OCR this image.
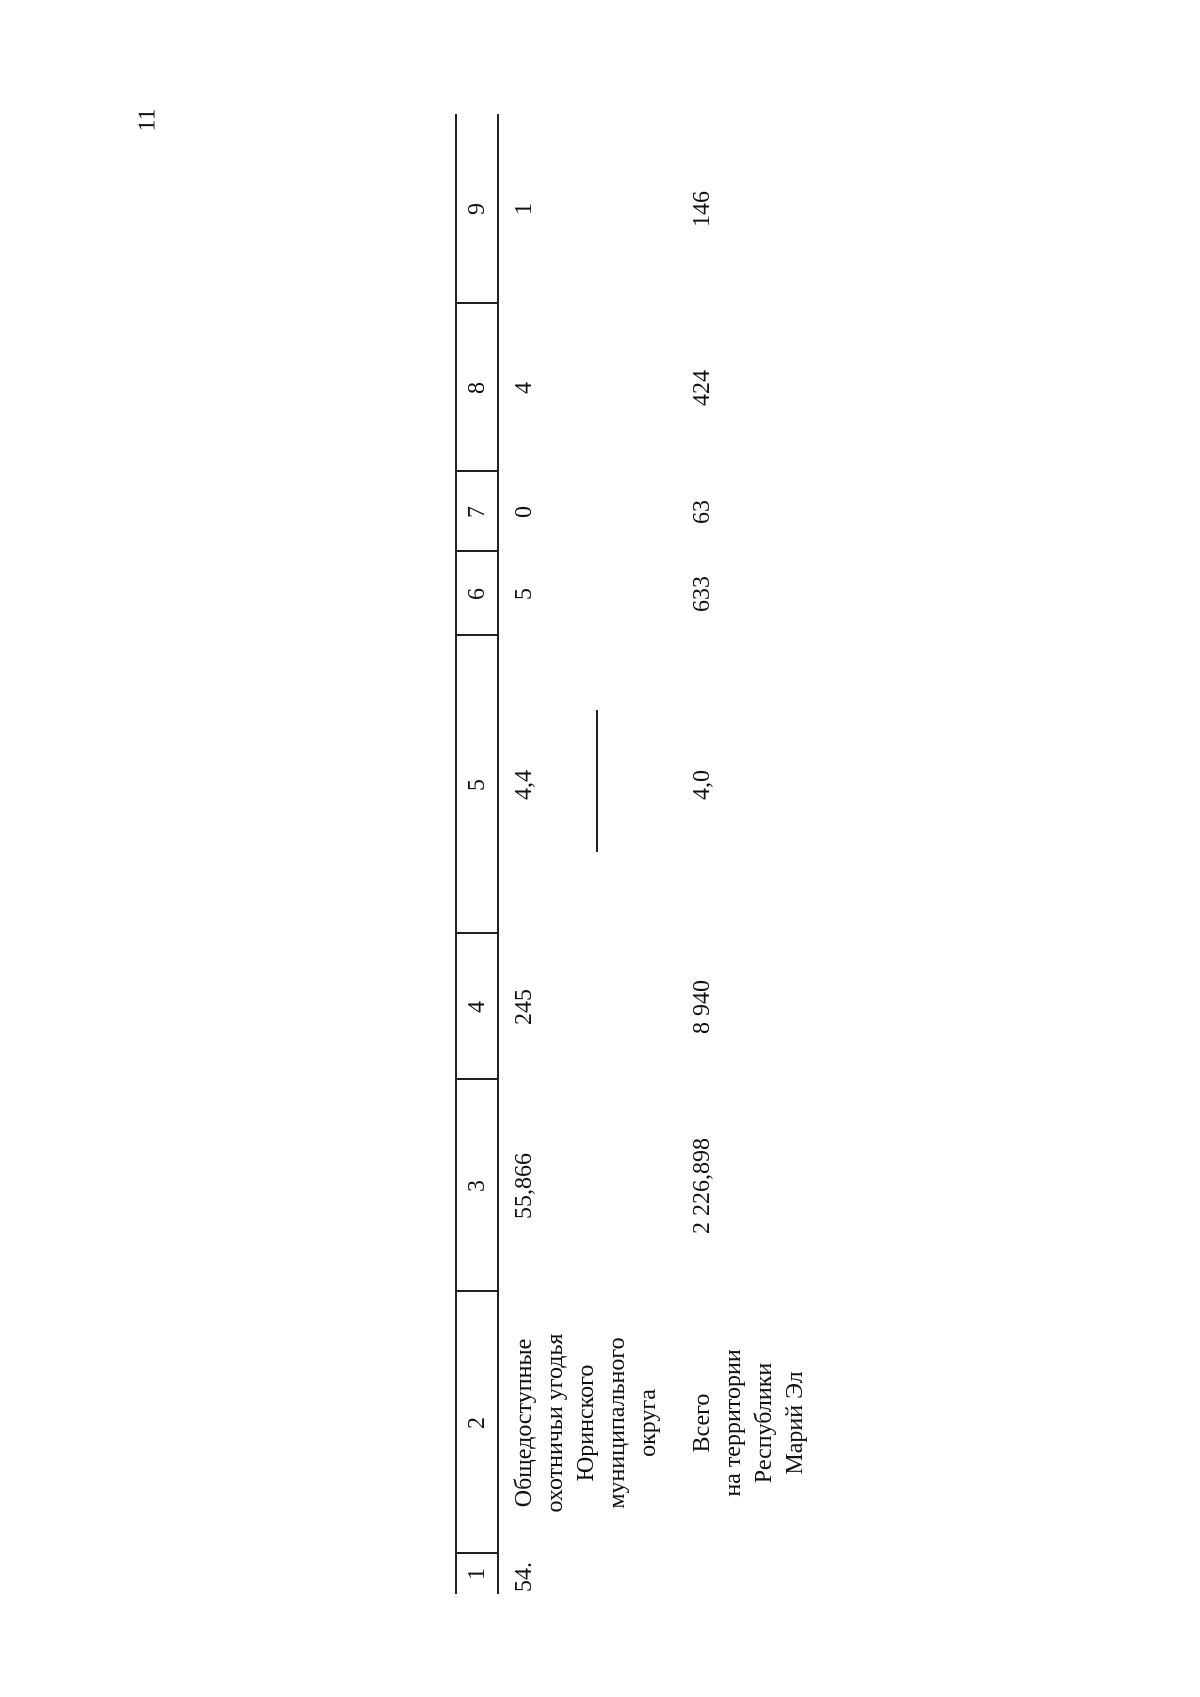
11
1
2
3
4
5
6
7
8
9
54.
Общедоступные охотничьи угодья Юринского муниципального округа
55,866
245
4,4
5
0
4
1
Всего на территории Республики Марий Эл
2 226,898
8 940
4,0
633
63
424
146
